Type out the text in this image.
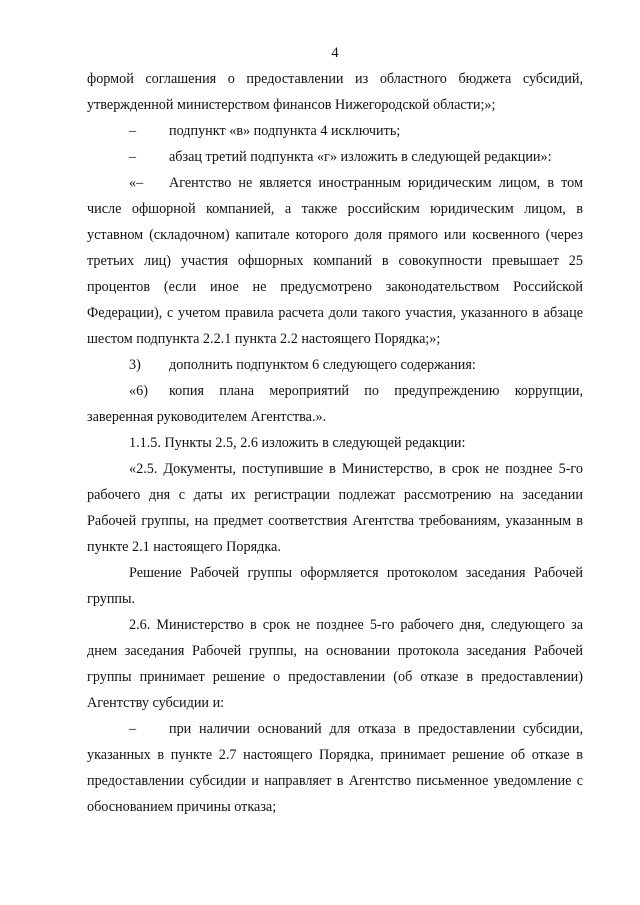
4

формой соглашения о предоставлении из областного бюджета субсидий, утвержденной министерством финансов Нижегородской области;»;

– подпункт «в» подпункта 4 исключить;

– абзац третий подпункта «г» изложить в следующей редакции»:

«– Агентство не является иностранным юридическим лицом, в том числе офшорной компанией, а также российским юридическим лицом, в уставном (складочном) капитале которого доля прямого или косвенного (через третьих лиц) участия офшорных компаний в совокупности превышает 25 процентов (если иное не предусмотрено законодательством Российской Федерации), с учетом правила расчета доли такого участия, указанного в абзаце шестом подпункта 2.2.1 пункта 2.2 настоящего Порядка;»;

3) дополнить подпунктом 6 следующего содержания:

«6) копия плана мероприятий по предупреждению коррупции, заверенная руководителем Агентства.».

1.1.5. Пункты 2.5, 2.6 изложить в следующей редакции:

«2.5. Документы, поступившие в Министерство, в срок не позднее 5-го рабочего дня с даты их регистрации подлежат рассмотрению на заседании Рабочей группы, на предмет соответствия Агентства требованиям, указанным в пункте 2.1 настоящего Порядка.

Решение Рабочей группы оформляется протоколом заседания Рабочей группы.

2.6. Министерство в срок не позднее 5-го рабочего дня, следующего за днем заседания Рабочей группы, на основании протокола заседания Рабочей группы принимает решение о предоставлении (об отказе в предоставлении) Агентству субсидии и:

– при наличии оснований для отказа в предоставлении субсидии, указанных в пункте 2.7 настоящего Порядка, принимает решение об отказе в предоставлении субсидии и направляет в Агентство письменное уведомление с обоснованием причины отказа;
